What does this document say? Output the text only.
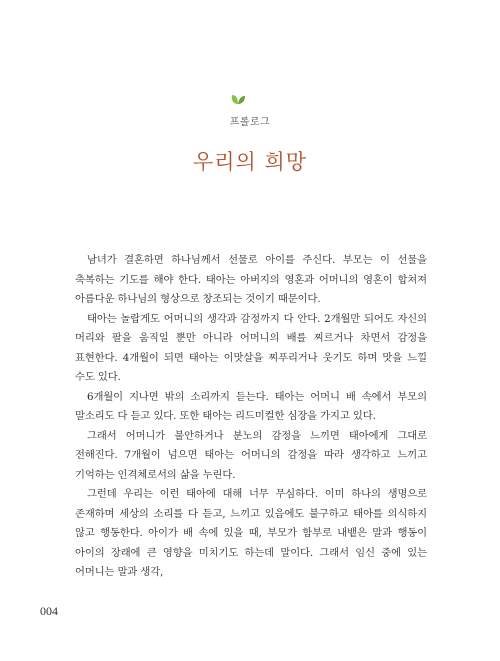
프롤로그
우리의 희망

남녀가 결혼하면 하나님께서 선물로 아이를 주신다. 부모는 이 선물을 축복하는 기도를 해야 한다. 태아는 아버지의 영혼과 어머니의 영혼이 합쳐져 아름다운 하나님의 형상으로 창조되는 것이기 때문이다.

태아는 놀랍게도 어머니의 생각과 감정까지 다 안다. 2개월만 되어도 자신의 머리와 팔을 움직일 뿐만 아니라 어머니의 배를 찌르거나 차면서 감정을 표현한다. 4개월이 되면 태아는 이맛살을 찌푸리거나 웃기도 하며 맛을 느낄 수도 있다.

6개월이 지나면 밖의 소리까지 듣는다. 태아는 어머니 배 속에서 부모의 말소리도 다 듣고 있다. 또한 태아는 리드미컬한 심장을 가지고 있다.

그래서 어머니가 불안하거나 분노의 감정을 느끼면 태아에게 그대로 전해진다. 7개월이 넘으면 태아는 어머니의 감정을 따라 생각하고 느끼고 기억하는 인격체로서의 삶을 누린다.

그런데 우리는 이런 태아에 대해 너무 무심하다. 이미 하나의 생명으로 존재하며 세상의 소리를 다 듣고, 느끼고 있음에도 불구하고 태아를 의식하지 않고 행동한다. 아이가 배 속에 있을 때, 부모가 함부로 내뱉은 말과 행동이 아이의 장래에 큰 영향을 미치기도 하는데 말이다. 그래서 임신 중에 있는 어머니는 말과 생각,

004
